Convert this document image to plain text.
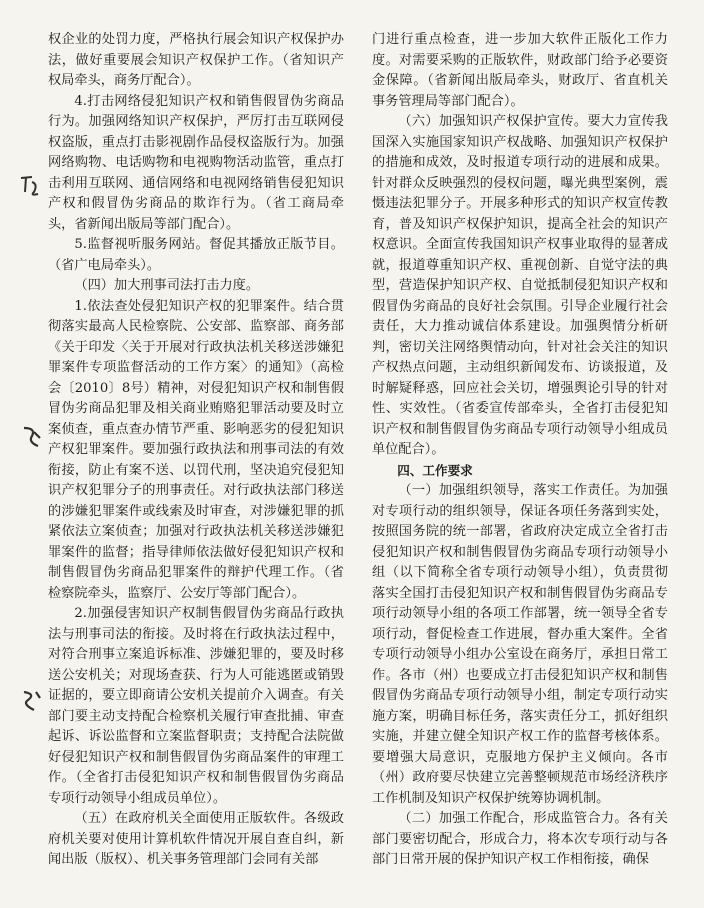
权企业的处罚力度，严格执行展会知识产权保护办法，做好重要展会知识产权保护工作。（省知识产权局牵头，商务厅配合）。

4.打击网络侵犯知识产权和销售假冒伪劣商品行为。加强网络知识产权保护，严厉打击互联网侵权盗版，重点打击影视剧作品侵权盗版行为。加强网络购物、电话购物和电视购物活动监管，重点打击利用互联网、通信网络和电视网络销售侵犯知识产权和假冒伪劣商品的欺诈行为。（省工商局牵头，省新闻出版局等部门配合）。

5.监督视听服务网站。督促其播放正版节目。（省广电局牵头）。

（四）加大刑事司法打击力度。

1.依法查处侵犯知识产权的犯罪案件。结合贯彻落实最高人民检察院、公安部、监察部、商务部《关于印发〈关于开展对行政执法机关移送涉嫌犯罪案件专项监督活动的工作方案〉的通知》（高检会〔2010〕8号）精神，对侵犯知识产权和制售假冒伪劣商品犯罪及相关商业贿赂犯罪活动要及时立案侦查，重点查办情节严重、影响恶劣的侵犯知识产权犯罪案件。要加强行政执法和刑事司法的有效衔接，防止有案不送、以罚代刑，坚决追究侵犯知识产权犯罪分子的刑事责任。对行政执法部门移送的涉嫌犯罪案件或线索及时审查，对涉嫌犯罪的抓紧依法立案侦查；加强对行政执法机关移送涉嫌犯罪案件的监督；指导律师依法做好侵犯知识产权和制售假冒伪劣商品犯罪案件的辩护代理工作。（省检察院牵头，监察厅、公安厅等部门配合）。

2.加强侵害知识产权制售假冒伪劣商品行政执法与刑事司法的衔接。及时将在行政执法过程中，对符合刑事立案追诉标准、涉嫌犯罪的，要及时移送公安机关；对现场查获、行为人可能逃匿或销毁证据的，要立即商请公安机关提前介入调查。有关部门要主动支持配合检察机关履行审查批捕、审查起诉、诉讼监督和立案监督职责；支持配合法院做好侵犯知识产权和制售假冒伪劣商品案件的审理工作。（全省打击侵犯知识产权和制售假冒伪劣商品专项行动领导小组成员单位）。

（五）在政府机关全面使用正版软件。各级政府机关要对使用计算机软件情况开展自查自纠，新闻出版（版权）、机关事务管理部门会同有关部

门进行重点检查，进一步加大软件正版化工作力度。对需要采购的正版软件，财政部门给予必要资金保障。（省新闻出版局牵头，财政厅、省直机关事务管理局等部门配合）。

（六）加强知识产权保护宣传。要大力宣传我国深入实施国家知识产权战略、加强知识产权保护的措施和成效，及时报道专项行动的进展和成果。针对群众反映强烈的侵权问题，曝光典型案例，震慑违法犯罪分子。开展多种形式的知识产权宣传教育，普及知识产权保护知识，提高全社会的知识产权意识。全面宣传我国知识产权事业取得的显著成就，报道尊重知识产权、重视创新、自觉守法的典型，营造保护知识产权、自觉抵制侵犯知识产权和假冒伪劣商品的良好社会氛围。引导企业履行社会责任，大力推动诚信体系建设。加强舆情分析研判，密切关注网络舆情动向，针对社会关注的知识产权热点问题，主动组织新闻发布、访谈报道，及时解疑释惑，回应社会关切，增强舆论引导的针对性、实效性。（省委宣传部牵头，全省打击侵犯知识产权和制售假冒伪劣商品专项行动领导小组成员单位配合）。

四、工作要求

（一）加强组织领导，落实工作责任。为加强对专项行动的组织领导，保证各项任务落到实处，按照国务院的统一部署，省政府决定成立全省打击侵犯知识产权和制售假冒伪劣商品专项行动领导小组（以下简称全省专项行动领导小组），负责贯彻落实全国打击侵犯知识产权和制售假冒伪劣商品专项行动领导小组的各项工作部署，统一领导全省专项行动，督促检查工作进展，督办重大案件。全省专项行动领导小组办公室设在商务厅，承担日常工作。各市（州）也要成立打击侵犯知识产权和制售假冒伪劣商品专项行动领导小组，制定专项行动实施方案，明确目标任务，落实责任分工，抓好组织实施，并建立健全知识产权工作的监督考核体系。要增强大局意识，克服地方保护主义倾向。各市（州）政府要尽快建立完善整顿规范市场经济秩序工作机制及知识产权保护统筹协调机制。

（二）加强工作配合，形成监管合力。各有关部门要密切配合，形成合力，将本次专项行动与各部门日常开展的保护知识产权工作相衔接，确保
